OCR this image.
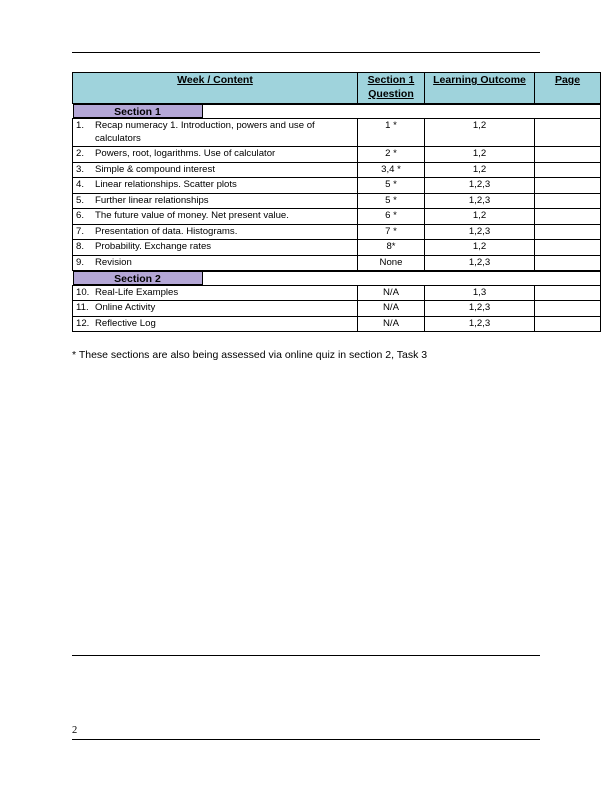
Week / Content	Section 1 Question	Learning Outcome	Page

Section 1			

1. Recap numeracy 1. Introduction, powers and use of calculators	1 *	1,2	

2. Powers, root, logarithms. Use of calculator	2 *	1,2	

3. Simple & compound interest	3,4 *	1,2	

4. Linear relationships. Scatter plots	5 *	1,2,3	

5. Further linear relationships	5 *	1,2,3	

6. The future value of money. Net present value.	6 *	1,2	

7. Presentation of data. Histograms.	7 *	1,2,3	

8. Probability. Exchange rates	8*	1,2	

9. Revision	None	1,2,3	

Section 2			

10. Real-Life Examples	N/A	1,3	

11. Online Activity	N/A	1,2,3	

12. Reflective Log	N/A	1,2,3	
* These sections are also being assessed via online quiz in section 2, Task 3
2
